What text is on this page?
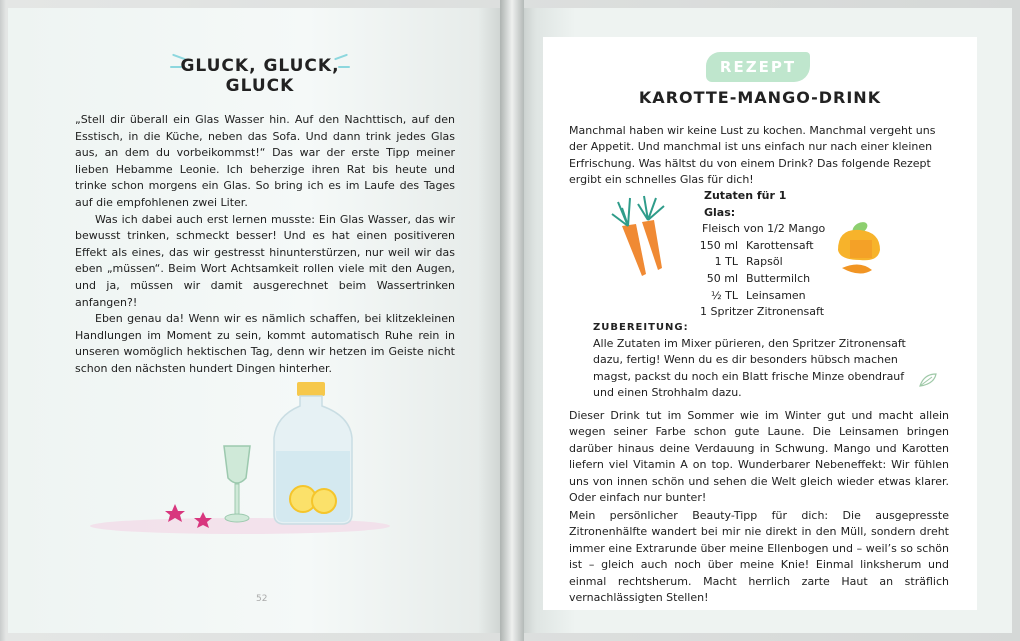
GLUCK, GLUCK, GLUCK

„Stell dir überall ein Glas Wasser hin. Auf den Nachttisch, auf den Esstisch, in die Küche, neben das Sofa. Und dann trink jedes Glas aus, an dem du vorbeikommst!“ Das war der erste Tipp meiner lieben Hebamme Leonie. Ich beherzige ihren Rat bis heute und trinke schon morgens ein Glas. So bring ich es im Laufe des Tages auf die empfohlenen zwei Liter.

Was ich dabei auch erst lernen musste: Ein Glas Wasser, das wir bewusst trinken, schmeckt besser! Und es hat einen positiveren Effekt als eines, das wir gestresst hinunterstürzen, nur weil wir das eben „müssen“. Beim Wort Achtsamkeit rollen viele mit den Augen, und ja, müssen wir damit ausgerechnet beim Wassertrinken anfangen?!

Eben genau da! Wenn wir es nämlich schaffen, bei klitzekleinen Handlungen im Moment zu sein, kommt automatisch Ruhe rein in unseren womöglich hektischen Tag, denn wir hetzen im Geiste nicht schon den nächsten hundert Dingen hinterher.

52
REZEPT
KAROTTE-MANGO-DRINK

Manchmal haben wir keine Lust zu kochen. Manchmal vergeht uns der Appetit. Und manchmal ist uns einfach nur nach einer kleinen Erfrischung. Was hältst du von einem Drink? Das folgende Rezept ergibt ein schnelles Glas für dich!

Zutaten für 1 Glas:
Fleisch von 1/2 Mango
150 ml	Karottensaft
1 TL	Rapsöl
50 ml	Buttermilch
½ TL	Leinsamen
1 Spritzer Zitronensaft
ZUBEREITUNG:

Alle Zutaten im Mixer pürieren, den Spritzer Zitronensaft dazu, fertig! Wenn du es dir besonders hübsch machen magst, packst du noch ein Blatt frische Minze obendrauf und einen Strohhalm dazu.

Dieser Drink tut im Sommer wie im Winter gut und macht allein wegen seiner Farbe schon gute Laune. Die Leinsamen bringen darüber hinaus deine Verdauung in Schwung. Mango und Karotten liefern viel Vitamin A on top. Wunderbarer Nebeneffekt: Wir fühlen uns von innen schön und sehen die Welt gleich wieder etwas klarer. Oder einfach nur bunter!

Mein persönlicher Beauty-Tipp für dich: Die ausgepresste Zitronenhälfte wandert bei mir nie direkt in den Müll, sondern dreht immer eine Extrarunde über meine Ellenbogen und – weil’s so schön ist – gleich auch noch über meine Knie! Einmal linksherum und einmal rechtsherum. Macht herrlich zarte Haut an sträflich vernachlässigten Stellen!
